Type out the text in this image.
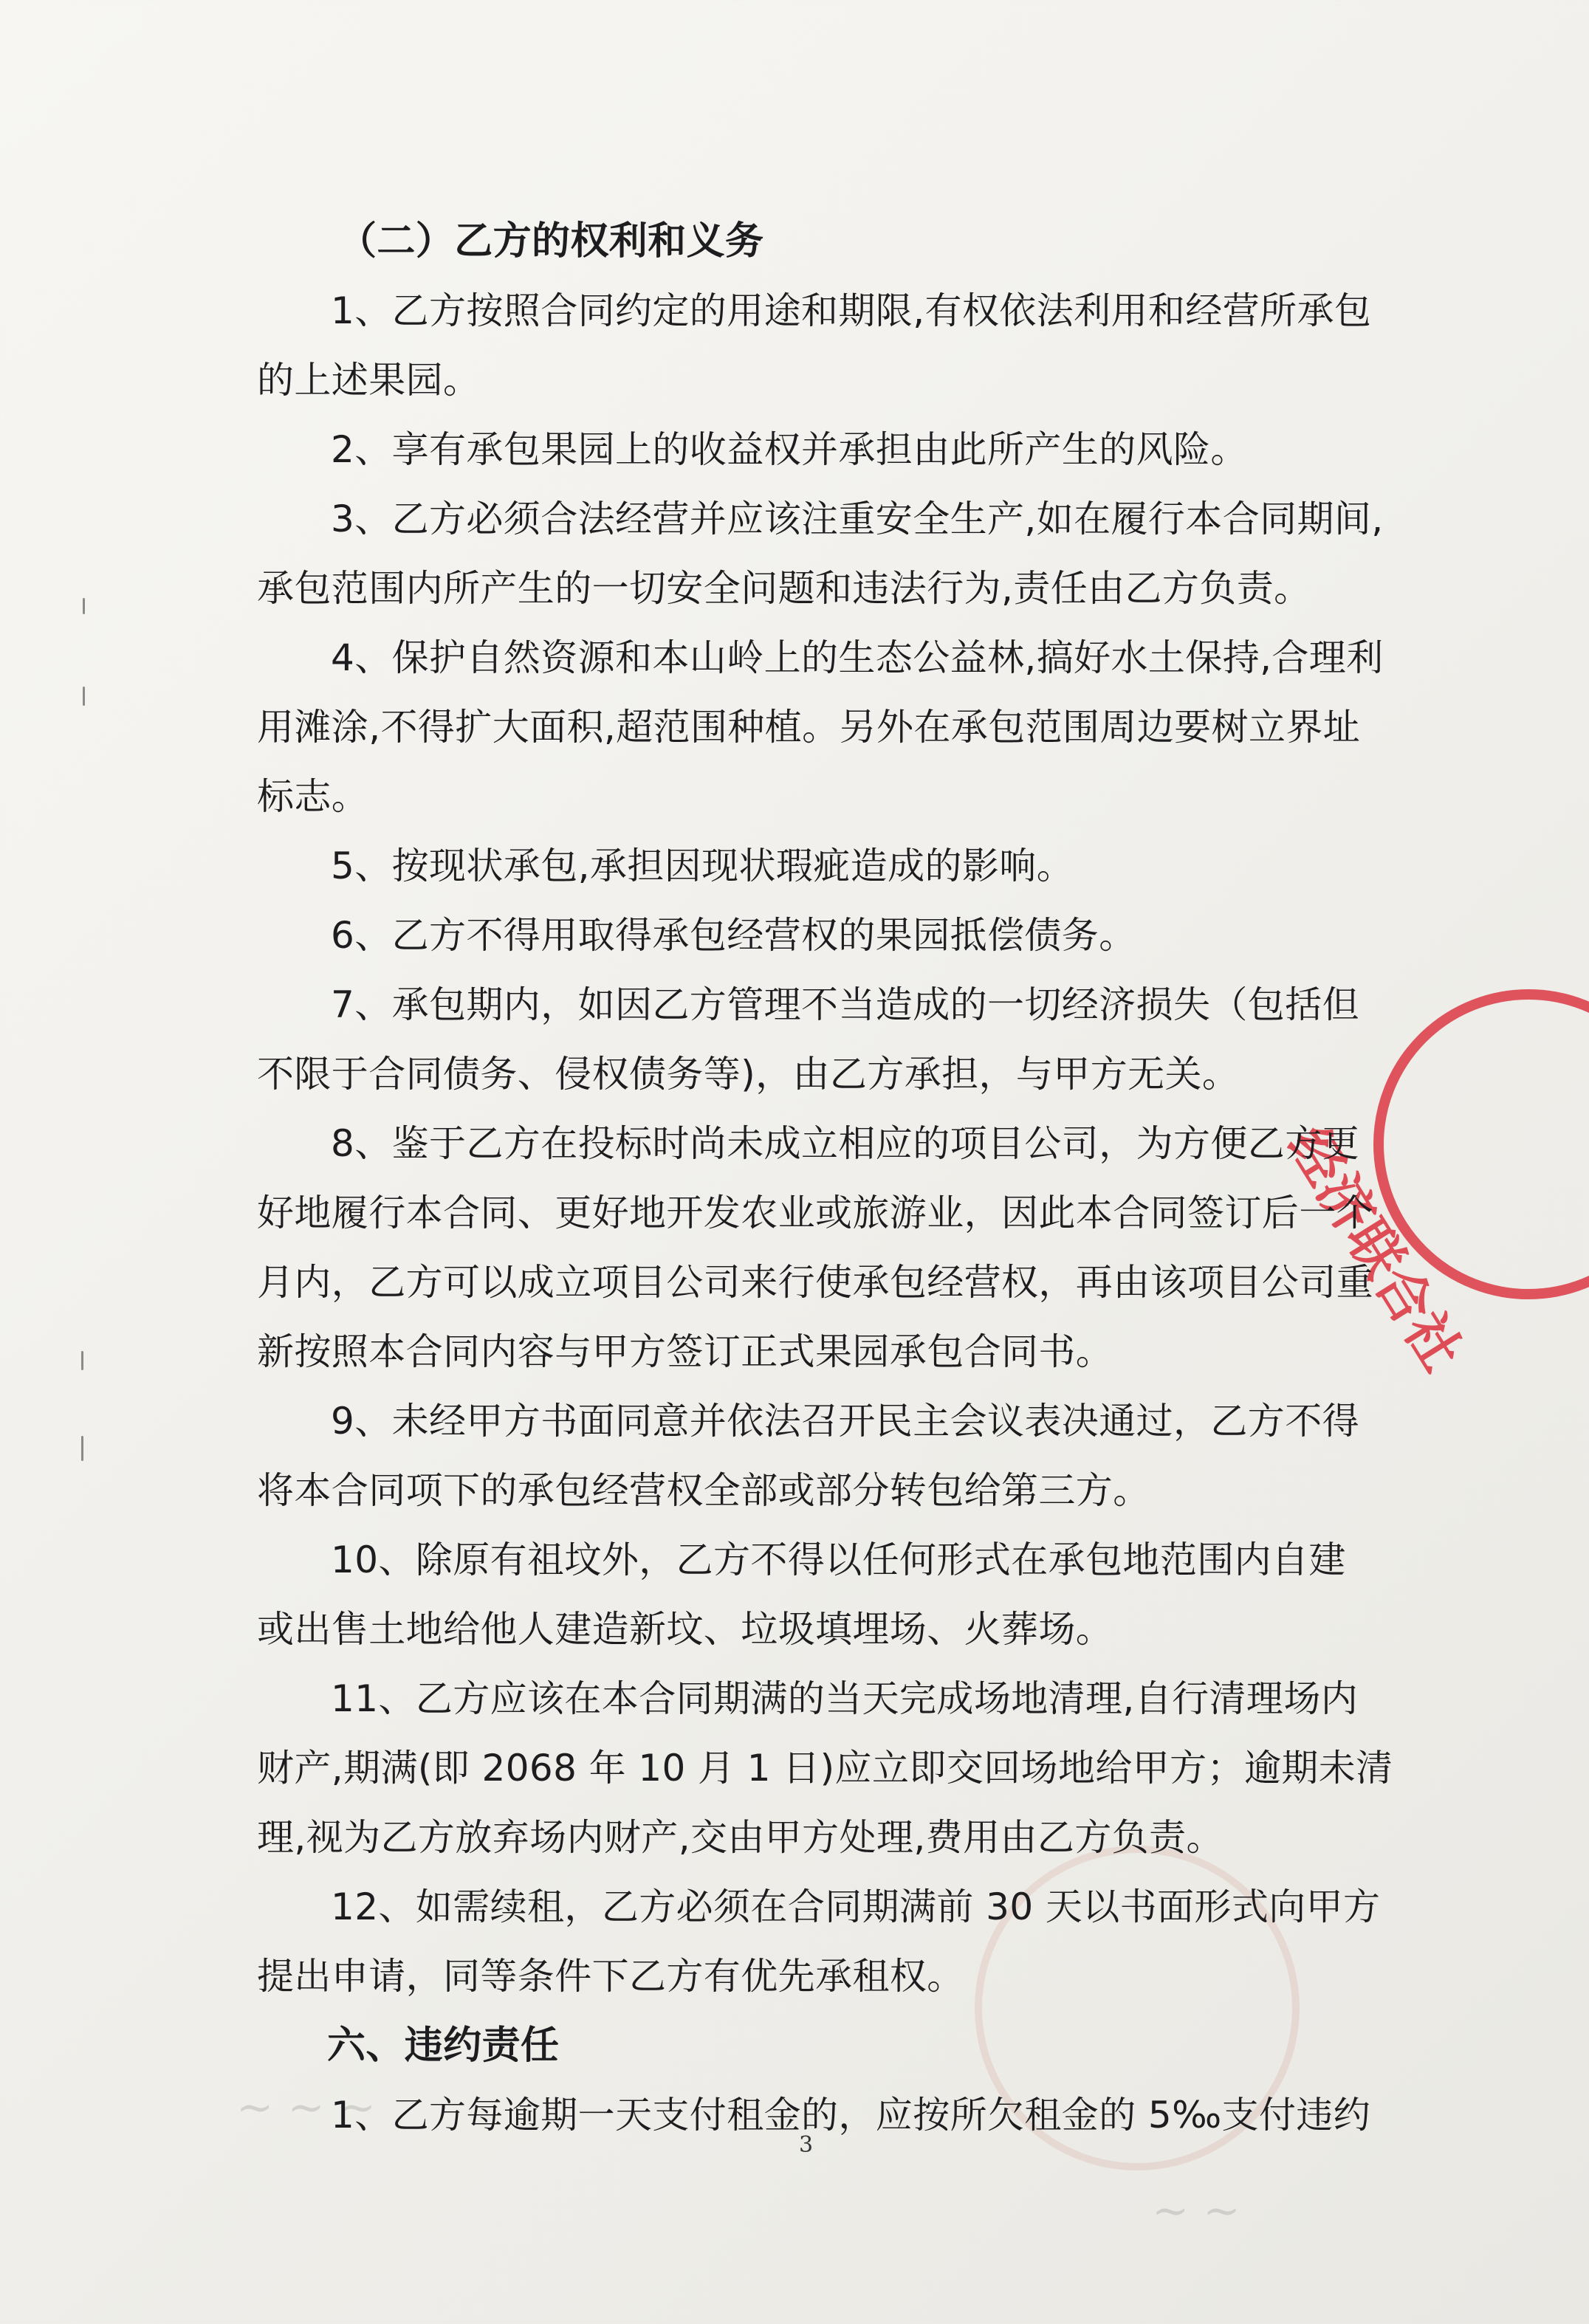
~ ~ ~
~ ~
经济联合社
（二）乙方的权利和义务
1、乙方按照合同约定的用途和期限,有权依法利用和经营所承包
的上述果园。
2、享有承包果园上的收益权并承担由此所产生的风险。
3、乙方必须合法经营并应该注重安全生产,如在履行本合同期间,
承包范围内所产生的一切安全问题和违法行为,责任由乙方负责。
4、保护自然资源和本山岭上的生态公益林,搞好水土保持,合理利
用滩涂,不得扩大面积,超范围种植。另外在承包范围周边要树立界址
标志。
5、按现状承包,承担因现状瑕疵造成的影响。
6、乙方不得用取得承包经营权的果园抵偿债务。
7、承包期内，如因乙方管理不当造成的一切经济损失（包括但
不限于合同债务、侵权债务等)，由乙方承担，与甲方无关。
8、鉴于乙方在投标时尚未成立相应的项目公司，为方便乙方更
好地履行本合同、更好地开发农业或旅游业，因此本合同签订后一个
月内，乙方可以成立项目公司来行使承包经营权，再由该项目公司重
新按照本合同内容与甲方签订正式果园承包合同书。
9、未经甲方书面同意并依法召开民主会议表决通过，乙方不得
将本合同项下的承包经营权全部或部分转包给第三方。
10、除原有祖坟外，乙方不得以任何形式在承包地范围内自建
或出售土地给他人建造新坟、垃圾填埋场、火葬场。
11、乙方应该在本合同期满的当天完成场地清理,自行清理场内
财产,期满(即 2068 年 10 月 1 日)应立即交回场地给甲方；逾期未清
理,视为乙方放弃场内财产,交由甲方处理,费用由乙方负责。
12、如需续租，乙方必须在合同期满前 30 天以书面形式向甲方
提出申请，同等条件下乙方有优先承租权。
六、违约责任
1、乙方每逾期一天支付租金的，应按所欠租金的 5‰支付违约
3
